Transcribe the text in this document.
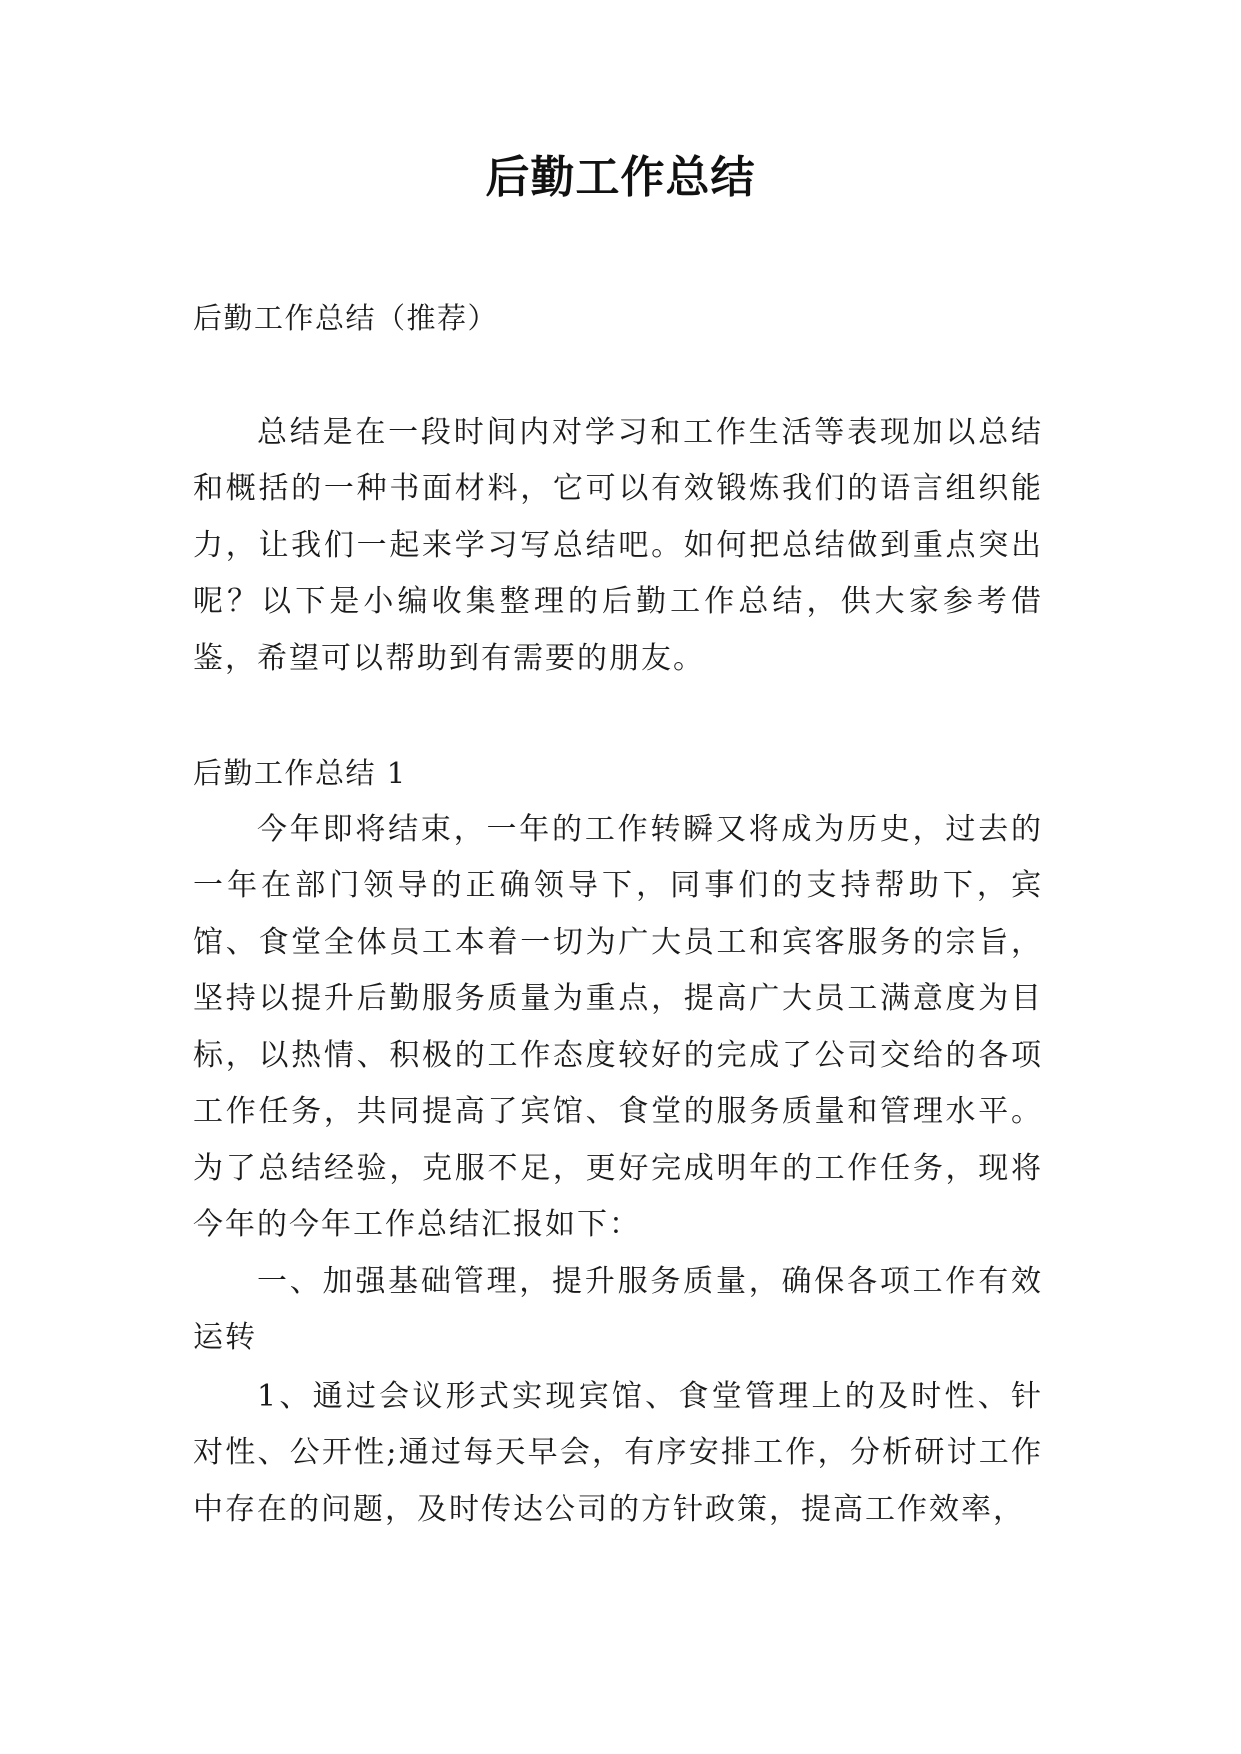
后勤工作总结

后勤工作总结（推荐）

总结是在一段时间内对学习和工作生活等表现加以总结和概括的一种书面材料，它可以有效锻炼我们的语言组织能力，让我们一起来学习写总结吧。如何把总结做到重点突出呢？以下是小编收集整理的后勤工作总结，供大家参考借鉴，希望可以帮助到有需要的朋友。

后勤工作总结 1

今年即将结束，一年的工作转瞬又将成为历史，过去的一年在部门领导的正确领导下，同事们的支持帮助下，宾馆、食堂全体员工本着一切为广大员工和宾客服务的宗旨，坚持以提升后勤服务质量为重点，提高广大员工满意度为目标，以热情、积极的工作态度较好的完成了公司交给的各项工作任务，共同提高了宾馆、食堂的服务质量和管理水平。为了总结经验，克服不足，更好完成明年的工作任务，现将今年的今年工作总结汇报如下：

一、加强基础管理，提升服务质量，确保各项工作有效运转

1、通过会议形式实现宾馆、食堂管理上的及时性、针对性、公开性;通过每天早会，有序安排工作，分析研讨工作中存在的问题，及时传达公司的方针政策，提高工作效率，
